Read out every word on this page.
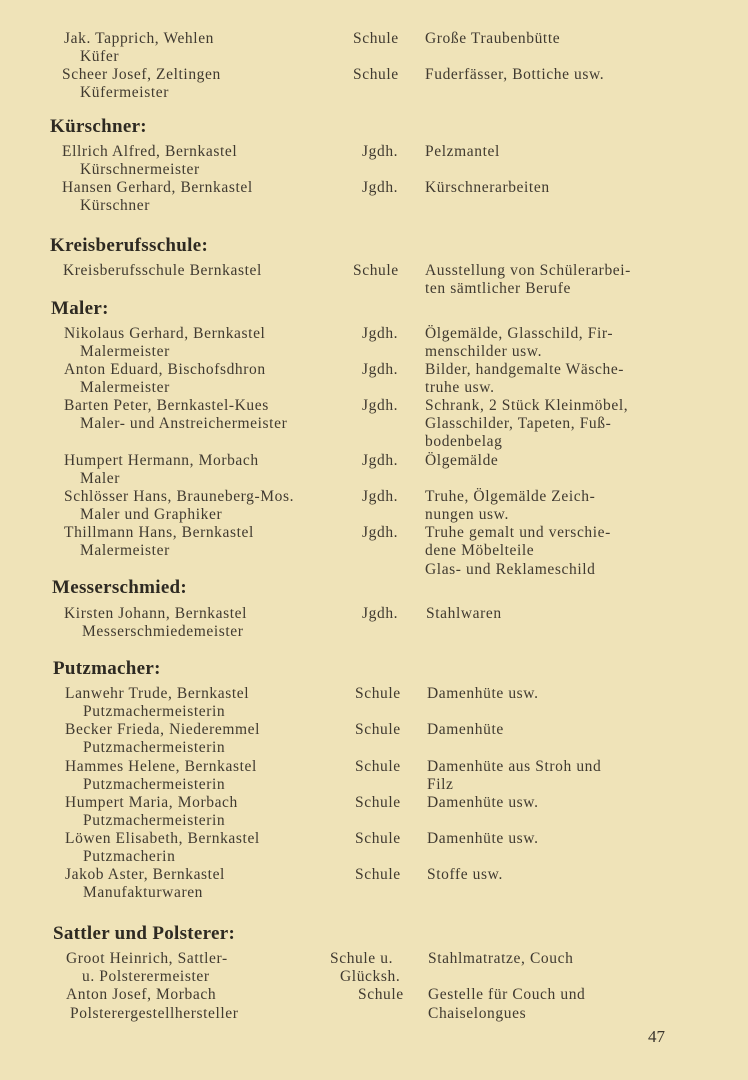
Jak. Tapprich, Wehlen
Küfer
Schule Große Traubenbütte
Scheer Josef, Zeltingen
Küfermeister
Schule Fuderfässer, Bottiche usw.
Kürschner:
Ellrich Alfred, Bernkastel
Kürschnermeister
Jgdh. Pelzmantel
Hansen Gerhard, Bernkastel
Kürschner
Jgdh. Kürschnerarbeiten
Kreisberufsschule:
Kreisberufsschule Bernkastel	Schule Ausstellung von Schülerarbei-
ten sämtlicher Berufe
Maler:
Nikolaus Gerhard, Bernkastel
Malermeister
Jgdh. Ölgemälde, Glasschild, Fir-
menschilder usw.
Anton Eduard, Bischofsdhron
Malermeister
Jgdh. Bilder, handgemalte Wäsche-
truhe usw.
Barten Peter, Bernkastel-Kues
Maler- und Anstreichermeister
Jgdh. Schrank, 2 Stück Kleinmöbel,
Glasschilder, Tapeten, Fuß-
bodenbelag
Humpert Hermann, Morbach
Maler
Jgdh. Ölgemälde
Schlösser Hans, Brauneberg-Mos.
Maler und Graphiker
Jgdh. Truhe, Ölgemälde Zeich-
nungen usw.
Thillmann Hans, Bernkastel
Malermeister
Jgdh. Truhe gemalt und verschie-
dene Möbelteile
Glas- und Reklameschild
Messerschmied:
Kirsten Johann, Bernkastel
Messerschmiedemeister
Jgdh. Stahlwaren
Putzmacher:
Lanwehr Trude, Bernkastel
Putzmachermeisterin
Schule Damenhüte usw.
Becker Frieda, Niederemmel
Putzmachermeisterin
Schule Damenhüte
Hammes Helene, Bernkastel
Putzmachermeisterin
Schule Damenhüte aus Stroh und
Filz
Humpert Maria, Morbach
Putzmachermeisterin
Schule Damenhüte usw.
Löwen Elisabeth, Bernkastel
Putzmacherin
Schule Damenhüte usw.
Jakob Aster, Bernkastel
Manufakturwaren
Schule Stoffe usw.
Sattler und Polsterer:
Groot Heinrich, Sattler-
u. Polsterermeister
Schule u.
Glücksh.
Stahlmatratze, Couch
Anton Josef, Morbach
Polsterergestellhersteller
Schule Gestelle für Couch und
Chaiselongues
47
